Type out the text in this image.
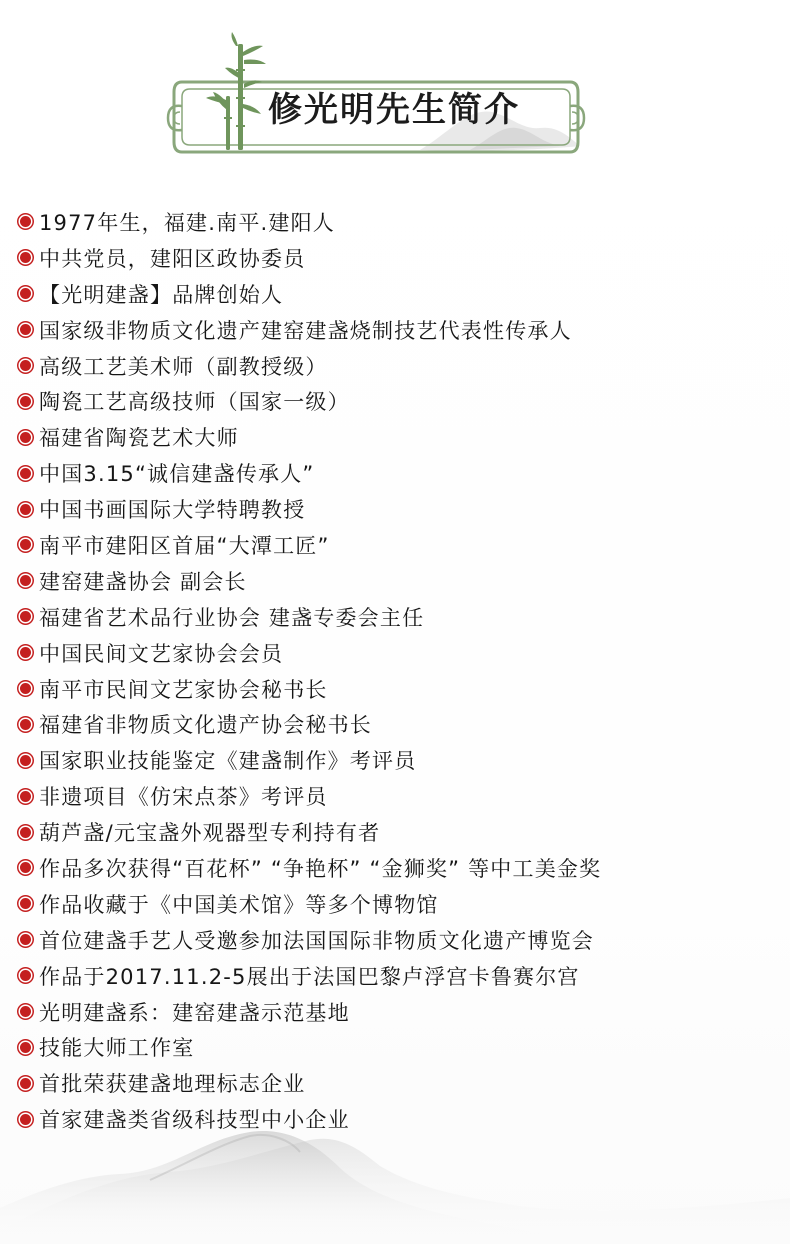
修光明先生简介
1977年生，福建.南平.建阳人
中共党员，建阳区政协委员
【光明建盏】品牌创始人
国家级非物质文化遗产建窑建盏烧制技艺代表性传承人
高级工艺美术师（副教授级）
陶瓷工艺高级技师（国家一级）
福建省陶瓷艺术大师
中国3.15“诚信建盏传承人”
中国书画国际大学特聘教授
南平市建阳区首届“大潭工匠”
建窑建盏协会 副会长
福建省艺术品行业协会 建盏专委会主任
中国民间文艺家协会会员
南平市民间文艺家协会秘书长
福建省非物质文化遗产协会秘书长
国家职业技能鉴定《建盏制作》考评员
非遗项目《仿宋点茶》考评员
葫芦盏/元宝盏外观器型专利持有者
作品多次获得“百花杯” “争艳杯” “金狮奖” 等中工美金奖
作品收藏于《中国美术馆》等多个博物馆
首位建盏手艺人受邀参加法国国际非物质文化遗产博览会
作品于2017.11.2-5展出于法国巴黎卢浮宫卡鲁赛尔宫
光明建盏系：建窑建盏示范基地
技能大师工作室
首批荣获建盏地理标志企业
首家建盏类省级科技型中小企业
